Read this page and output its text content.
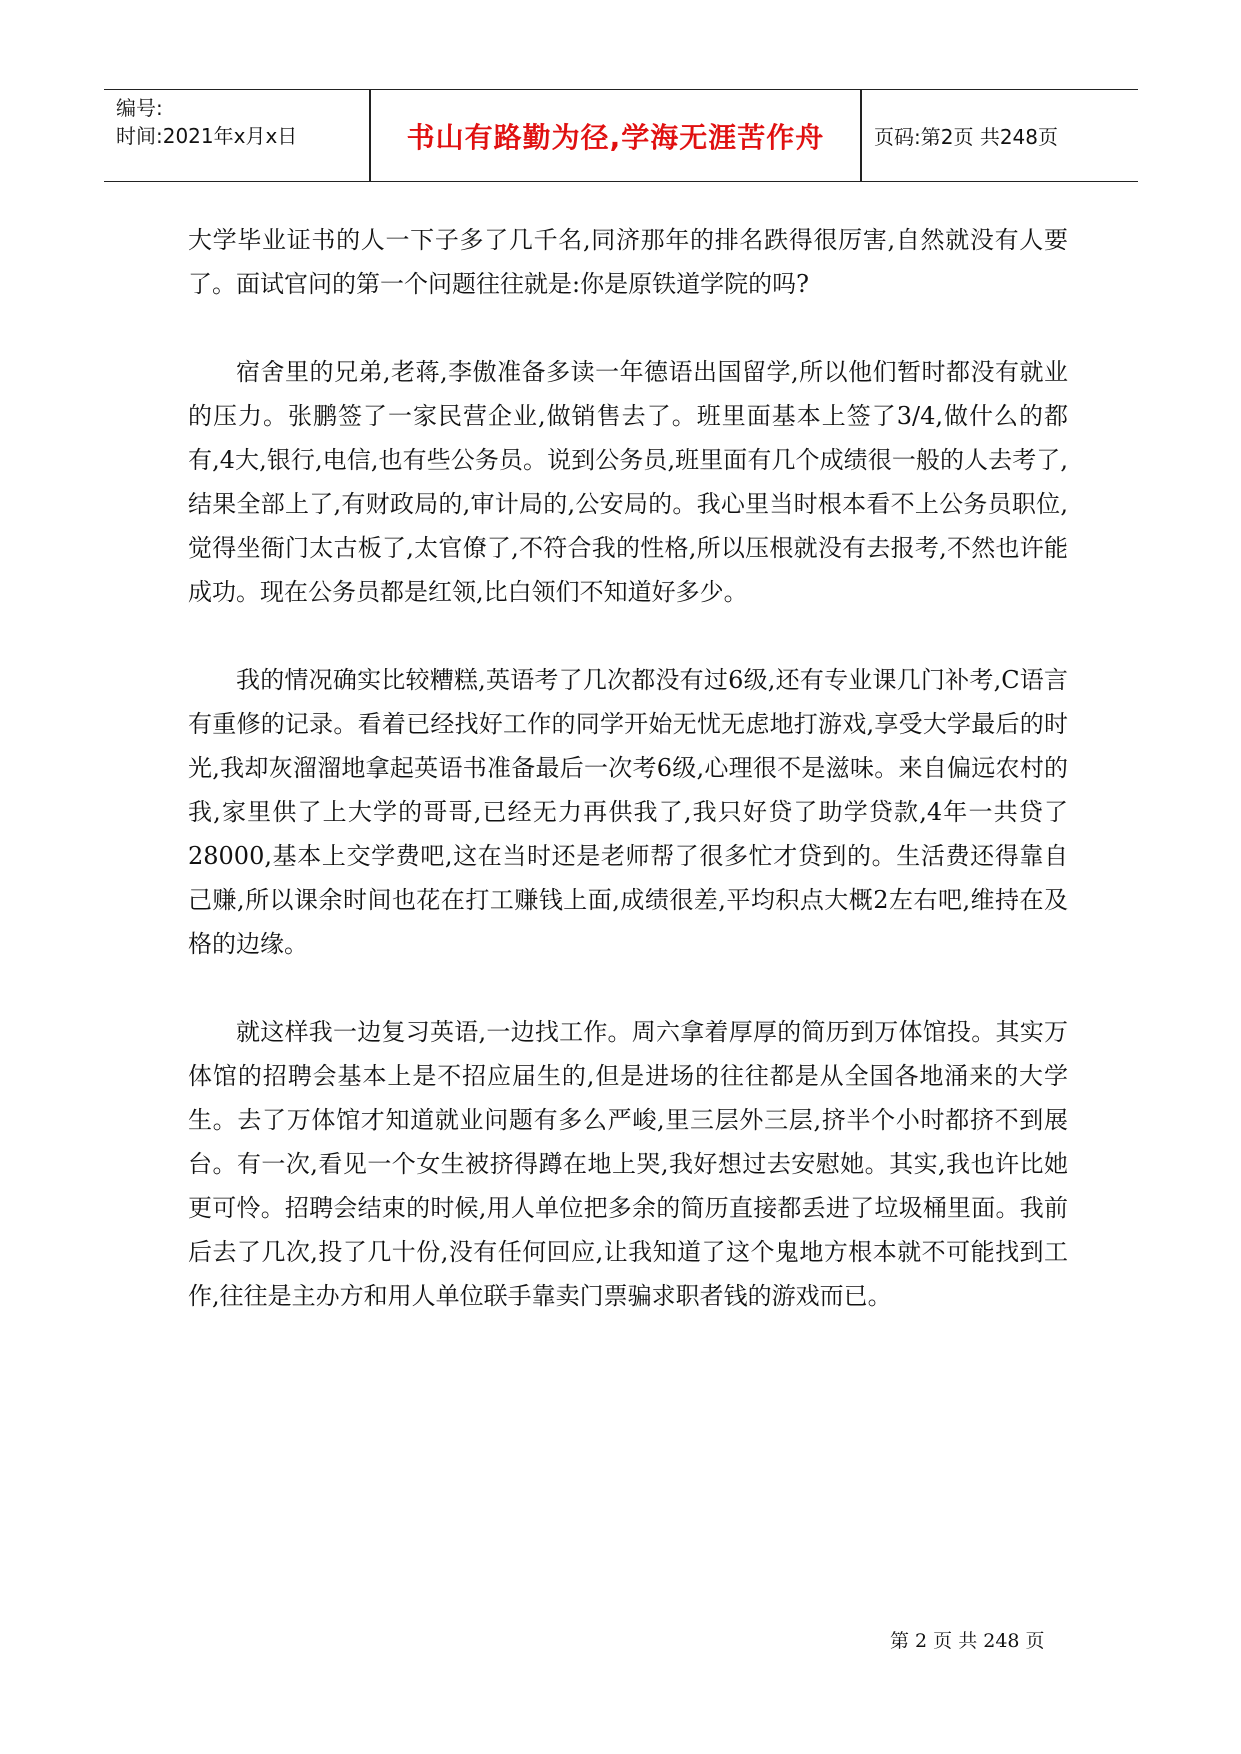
编号:
时间:2021年x月x日	书山有路勤为径,学海无涯苦作舟	页码:第2页 共248页

大学毕业证书的人一下子多了几千名,同济那年的排名跌得很厉害,自然就没有人要了。面试官问的第一个问题往往就是:你是原铁道学院的吗?

宿舍里的兄弟,老蒋,李傲准备多读一年德语出国留学,所以他们暂时都没有就业的压力。张鹏签了一家民营企业,做销售去了。班里面基本上签了3/4,做什么的都有,4大,银行,电信,也有些公务员。说到公务员,班里面有几个成绩很一般的人去考了,结果全部上了,有财政局的,审计局的,公安局的。我心里当时根本看不上公务员职位,觉得坐衙门太古板了,太官僚了,不符合我的性格,所以压根就没有去报考,不然也许能成功。现在公务员都是红领,比白领们不知道好多少。

我的情况确实比较糟糕,英语考了几次都没有过6级,还有专业课几门补考,C语言有重修的记录。看着已经找好工作的同学开始无忧无虑地打游戏,享受大学最后的时光,我却灰溜溜地拿起英语书准备最后一次考6级,心理很不是滋味。来自偏远农村的我,家里供了上大学的哥哥,已经无力再供我了,我只好贷了助学贷款,4年一共贷了28000,基本上交学费吧,这在当时还是老师帮了很多忙才贷到的。生活费还得靠自己赚,所以课余时间也花在打工赚钱上面,成绩很差,平均积点大概2左右吧,维持在及格的边缘。

就这样我一边复习英语,一边找工作。周六拿着厚厚的简历到万体馆投。其实万体馆的招聘会基本上是不招应届生的,但是进场的往往都是从全国各地涌来的大学生。去了万体馆才知道就业问题有多么严峻,里三层外三层,挤半个小时都挤不到展台。有一次,看见一个女生被挤得蹲在地上哭,我好想过去安慰她。其实,我也许比她更可怜。招聘会结束的时候,用人单位把多余的简历直接都丢进了垃圾桶里面。我前后去了几次,投了几十份,没有任何回应,让我知道了这个鬼地方根本就不可能找到工作,往往是主办方和用人单位联手靠卖门票骗求职者钱的游戏而已。

第 2 页 共 248 页
